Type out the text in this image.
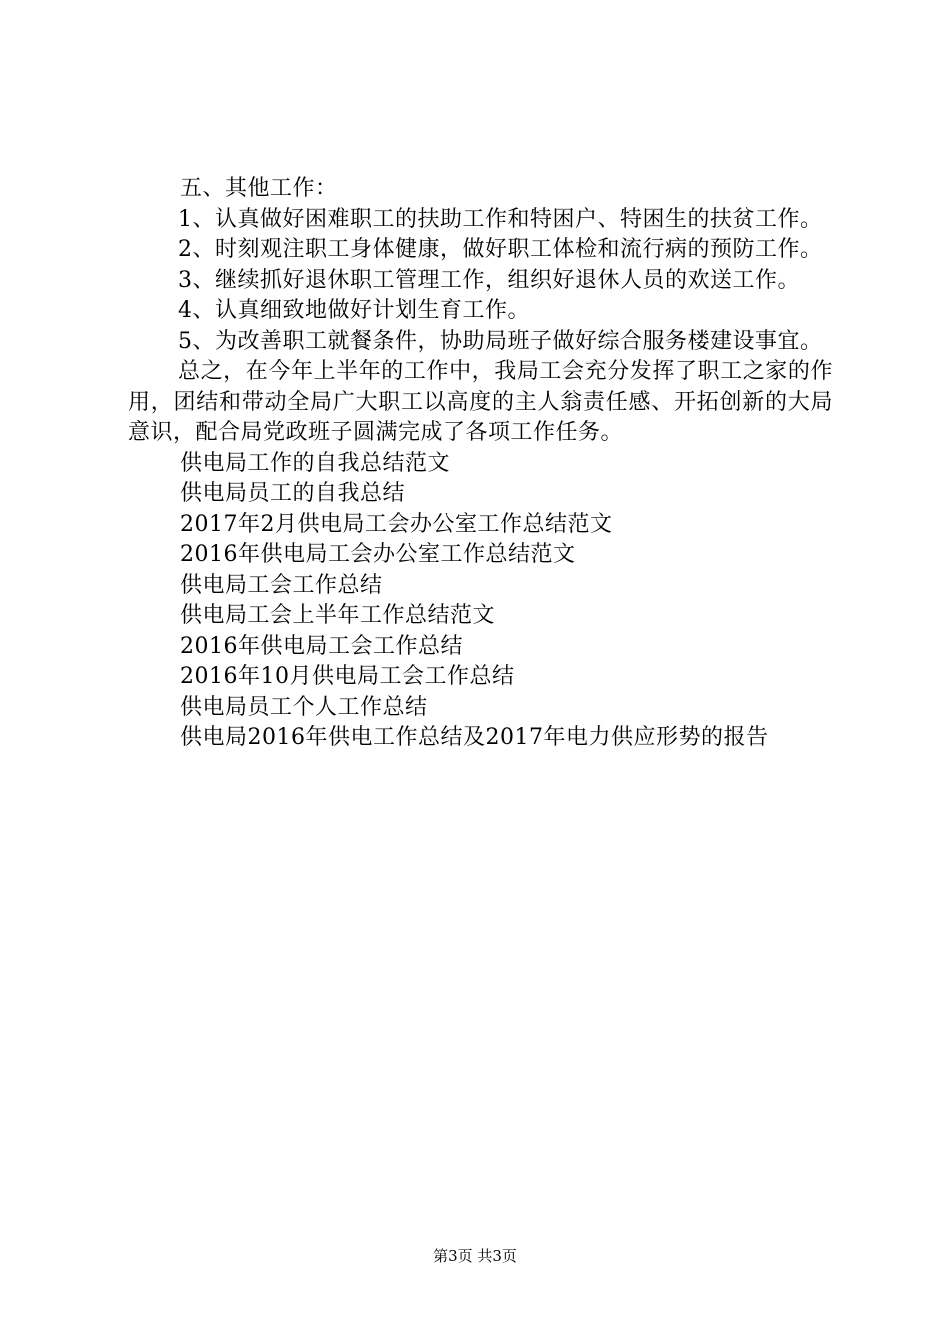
五、其他工作：

1、认真做好困难职工的扶助工作和特困户、特困生的扶贫工作。

2、时刻观注职工身体健康，做好职工体检和流行病的预防工作。

3、继续抓好退休职工管理工作，组织好退休人员的欢送工作。

4、认真细致地做好计划生育工作。

5、为改善职工就餐条件，协助局班子做好综合服务楼建设事宜。

总之，在今年上半年的工作中，我局工会充分发挥了职工之家的作用，团结和带动全局广大职工以高度的主人翁责任感、开拓创新的大局意识，配合局党政班子圆满完成了各项工作任务。

供电局工作的自我总结范文

供电局员工的自我总结

2017年2月供电局工会办公室工作总结范文

2016年供电局工会办公室工作总结范文

供电局工会工作总结

供电局工会上半年工作总结范文

2016年供电局工会工作总结

2016年10月供电局工会工作总结

供电局员工个人工作总结

供电局2016年供电工作总结及2017年电力供应形势的报告

第3页 共3页
